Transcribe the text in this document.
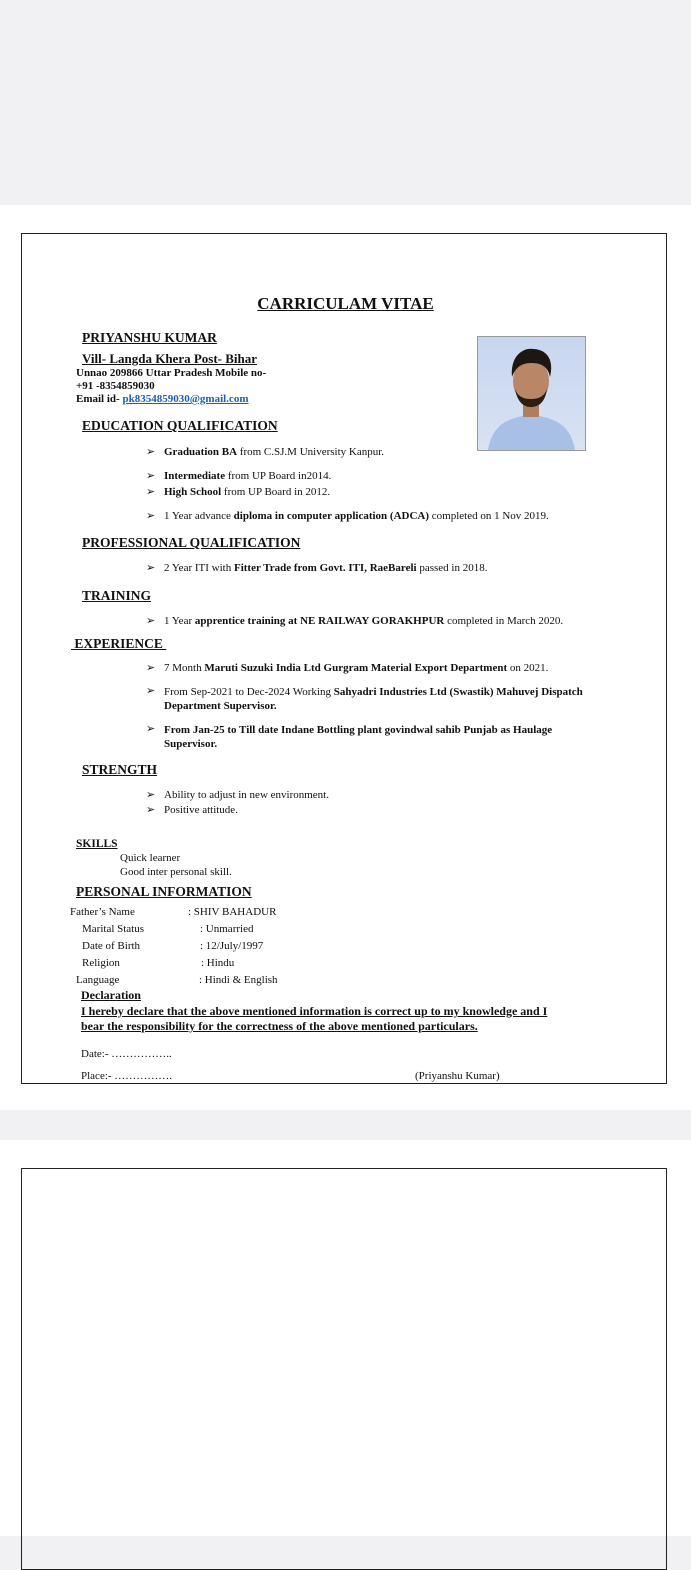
CARRICULAM VITAE
PRIYANSHU KUMAR
Vill- Langda Khera Post- Bihar
Unnao 209866 Uttar Pradesh Mobile no-
+91 -8354859030
Email id- pk8354859030@gmail.com
EDUCATION QUALIFICATION
➢ Graduation BA from C.SJ.M University Kanpur.
➢ Intermediate from UP Board in2014.
➢ High School from UP Board in 2012.
➢ 1 Year advance diploma in computer application (ADCA) completed on 1 Nov 2019.
PROFESSIONAL QUALIFICATION
➢ 2 Year ITI with Fitter Trade from Govt. ITI, RaeBareli passed in 2018.
TRAINING
➢ 1 Year apprentice training at NE RAILWAY GORAKHPUR completed in March 2020.
EXPERIENCE
➢ 7 Month Maruti Suzuki India Ltd Gurgram Material Export Department on 2021.
➢ From Sep-2021 to Dec-2024 Working Sahyadri Industries Ltd (Swastik) Mahuvej Dispatch Department Supervisor.
➢ From Jan-25 to Till date Indane Bottling plant govindwal sahib Punjab as Haulage Supervisor.
STRENGTH
➢ Ability to adjust in new environment.
➢ Positive attitude.
SKILLS
Quick learner
Good inter personal skill.
PERSONAL INFORMATION
Father’s Name	: SHIV BAHADUR
Marital Status	: Unmarried
Date of Birth	: 12/July/1997
Religion	: Hindu
Language	: Hindi & English
Declaration
I hereby declare that the above mentioned information is correct up to my knowledge and I
bear the responsibility for the correctness of the above mentioned particulars.
Date:- ……………..
Place:- …………….	(Priyanshu Kumar)
